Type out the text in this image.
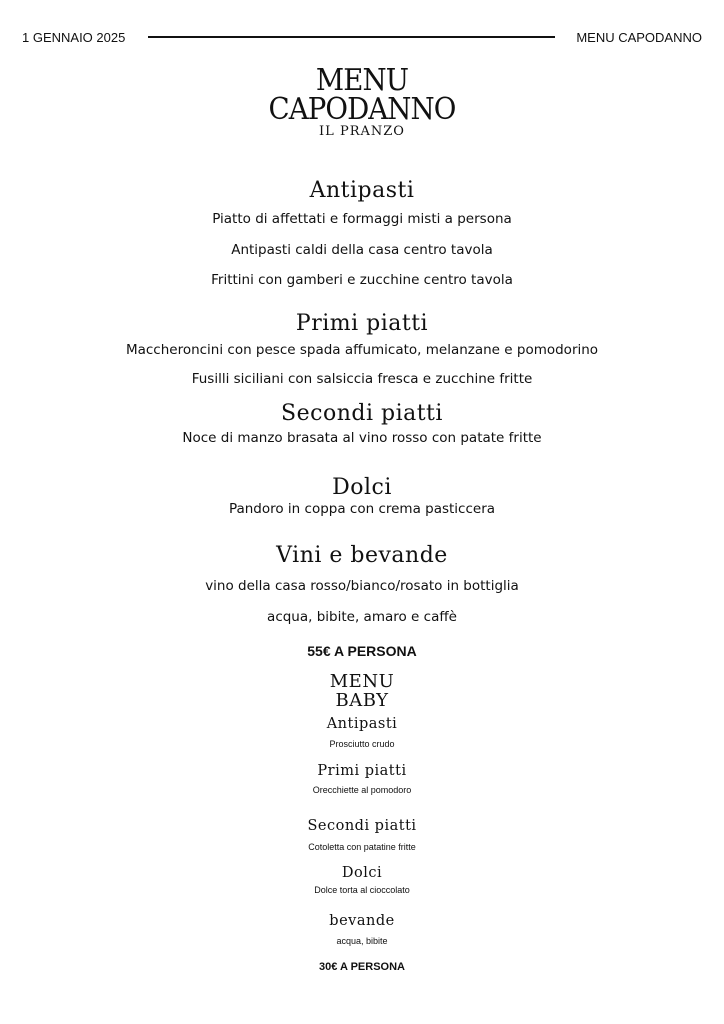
1 GENNAIO 2025	MENU CAPODANNO
MENU
CAPODANNO
IL PRANZO
Antipasti
Piatto di affettati e formaggi misti a persona
Antipasti caldi della casa centro tavola
Frittini con gamberi e zucchine centro tavola
Primi piatti
Maccheroncini con pesce spada affumicato, melanzane e pomodorino
Fusilli siciliani con salsiccia fresca e zucchine fritte
Secondi piatti
Noce di manzo brasata al vino rosso con patate fritte
Dolci
Pandoro in coppa con crema pasticcera
Vini e bevande
vino della casa rosso/bianco/rosato in bottiglia
acqua, bibite, amaro e caffè
55€ A PERSONA
MENU
BABY
Antipasti
Prosciutto crudo
Primi piatti
Orecchiette al pomodoro
Secondi piatti
Cotoletta con patatine fritte
Dolci
Dolce torta al cioccolato
bevande
acqua, bibite
30€ A PERSONA
